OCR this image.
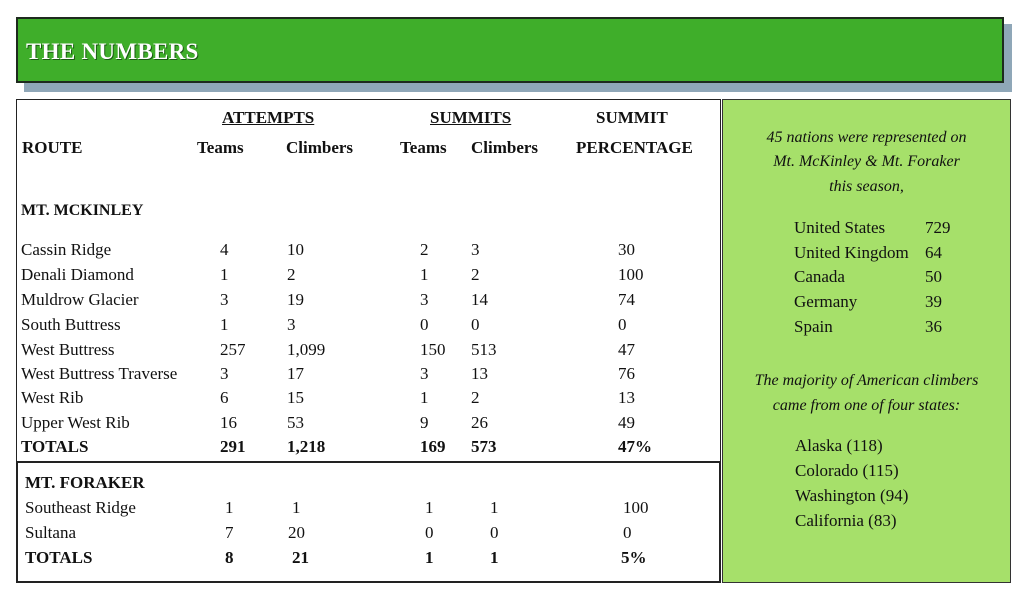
THE NUMBERS
ATTEMPTS	SUMMITS	SUMMIT
ROUTE	Teams Climbers	Teams Climbers PERCENTAGE
MT. MCKINLEY
Cassin Ridge	4	10	2	3	30
Denali Diamond	1	2	1	2	100
Muldrow Glacier	3	19	3	14	74
South Buttress	1	3	0	0	0
West Buttress	257 1,099	150 513	47
West Buttress Traverse	3	17	3	13	76
West Rib	6	15	1	2	13
Upper West Rib	16	53	9	26	49
TOTALS	291 1,218	169 573	47%
MT. FORAKER
Southeast Ridge	1	1	1	1	100
Sultana	7	20	0	0	0
TOTALS	8	21	1	1	5%
45 nations were represented on
Mt. McKinley & Mt. Foraker
this season,
United States 729
United Kingdom 64
Canada	50
Germany	39
Spain	36
The majority of American climbers
came from one of four states:
Alaska (118)
Colorado (115)
Washington (94)
California (83)
